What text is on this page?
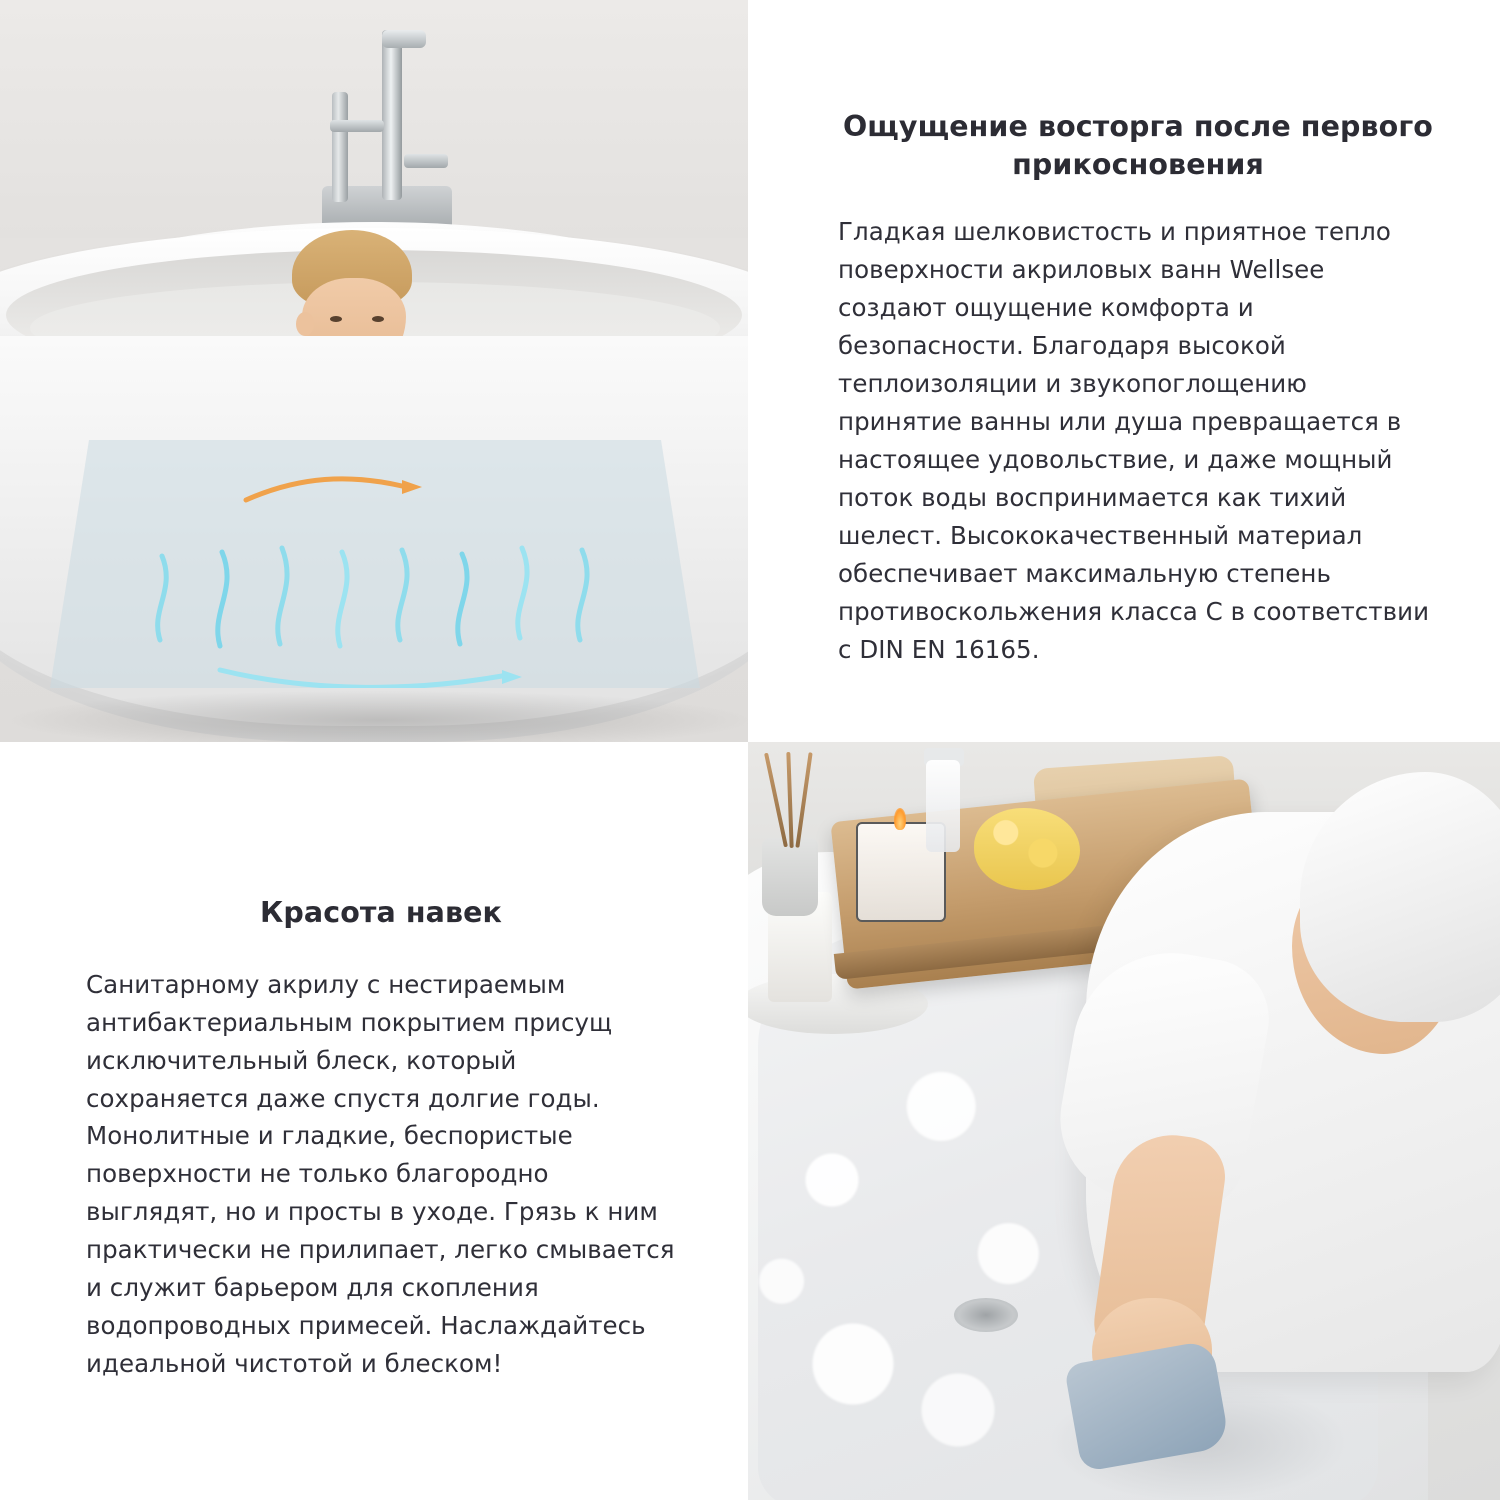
Ощущение восторга после первого прикосновения

Гладкая шелковистость и приятное тепло поверхности акриловых ванн Wellsee создают ощущение комфорта и безопасности. Благодаря высокой теплоизоляции и звукопоглощению принятие ванны или душа превращается в настоящее удовольствие, и даже мощный поток воды воспринимается как тихий шелест. Высококачественный материал обеспечивает максимальную степень противоскольжения класса C в соответствии с DIN EN 16165.

Красота навек

Санитарному акрилу с нестираемым антибактериальным покрытием присущ исключительный блеск, который сохраняется даже спустя долгие годы. Монолитные и гладкие, беспористые поверхности не только благородно выглядят, но и просты в уходе. Грязь к ним практически не прилипает, легко смывается и служит барьером для скопления водопроводных примесей. Наслаждайтесь идеальной чистотой и блеском!
